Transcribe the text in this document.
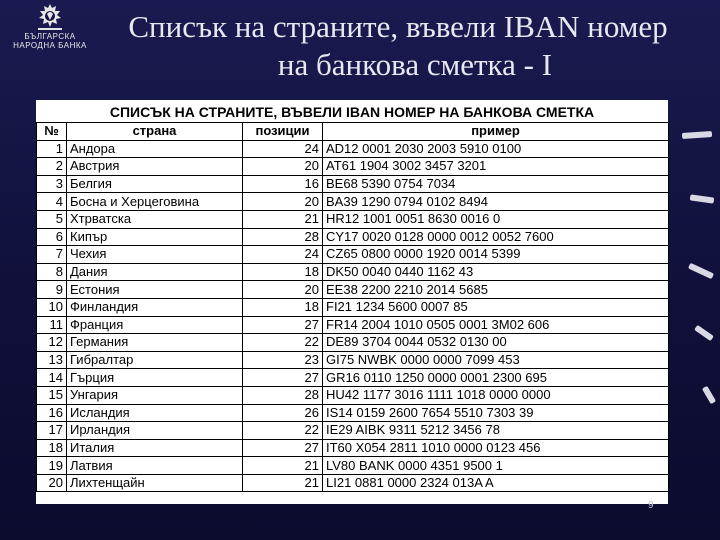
БЪЛГАРСКА
НАРОДНА БАНКА
Списък на страните, въвели IBAN номер
на банкова сметка - I
СПИСЪК НА СТРАНИТЕ, ВЪВЕЛИ IBAN НОМЕР НА БАНКОВА СМЕТКА
№	страна	позиции	пример
1	Андора	24	AD12 0001 2030 2003 5910 0100
2	Австрия	20	AT61 1904 3002 3457 3201
3	Белгия	16	BE68 5390 0754 7034
4	Босна и Херцеговина	20	BA39 1290 0794 0102 8494
5	Хтрватска	21	HR12 1001 0051 8630 0016 0
6	Кипър	28	CY17 0020 0128 0000 0012 0052 7600
7	Чехия	24	CZ65 0800 0000 1920 0014 5399
8	Дания	18	DK50 0040 0440 1162 43
9	Естония	20	EE38 2200 2210 2014 5685
10	Финландия	18	FI21 1234 5600 0007 85
11	Франция	27	FR14 2004 1010 0505 0001 3M02 606
12	Германия	22	DE89 3704 0044 0532 0130 00
13	Гибралтар	23	GI75 NWBK 0000 0000 7099 453
14	Гърция	27	GR16 0110 1250 0000 0001 2300 695
15	Унгария	28	HU42 1177 3016 1111 1018 0000 0000
16	Исландия	26	IS14 0159 2600 7654 5510 7303 39
17	Ирландия	22	IE29 AIBK 9311 5212 3456 78
18	Италия	27	IT60 X054 2811 1010 0000 0123 456
19	Латвия	21	LV80 BANK 0000 4351 9500 1
20	Лихтенщайн	21	LI21 0881 0000 2324 013A A
9
